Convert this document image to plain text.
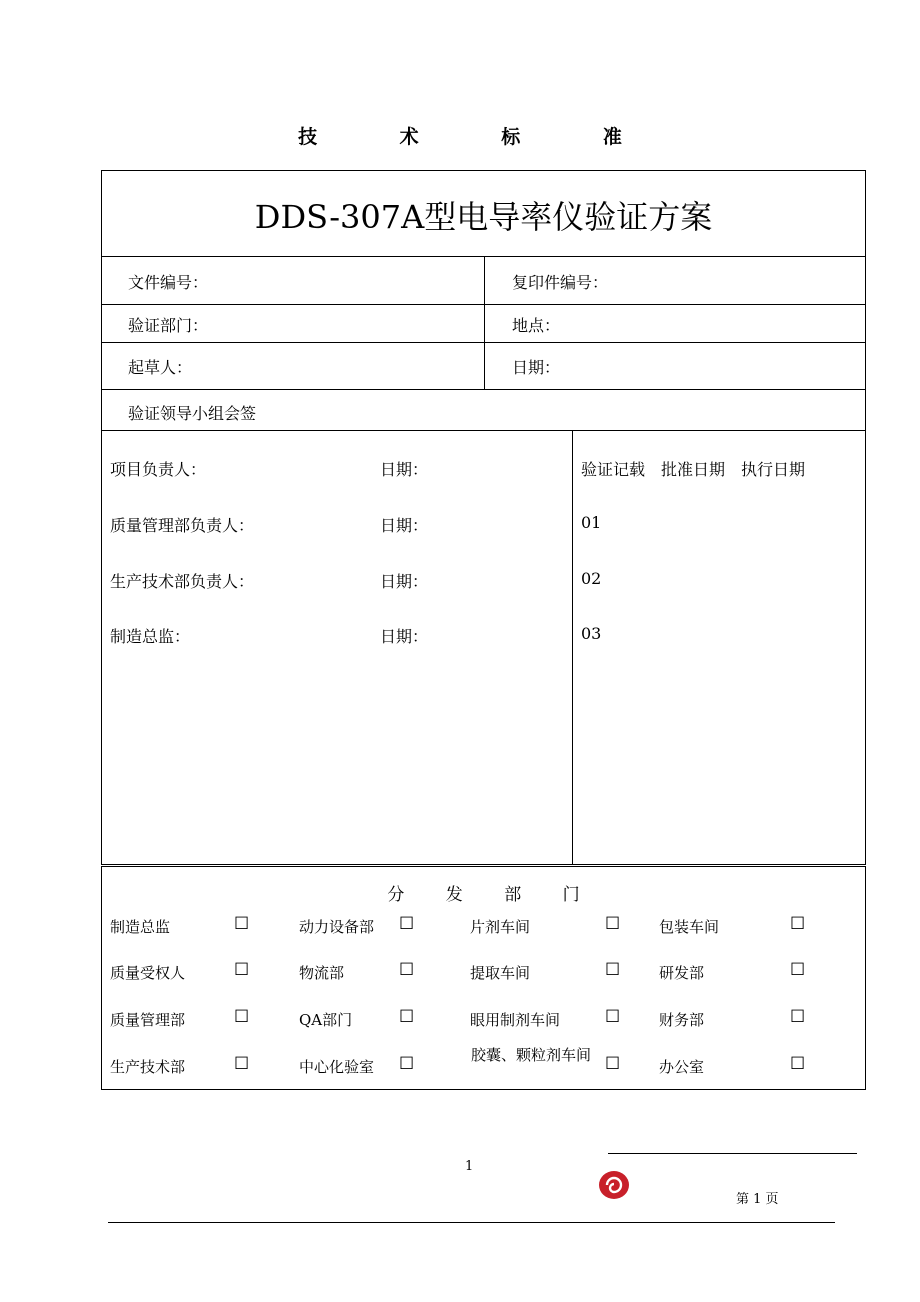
技 术 标 准
DDS-307A型电导率仪验证方案
文件编号：	复印件编号：
验证部门：	地点：
起草人：	日期：
验证领导小组会签
项目负责人：	日期：
质量管理部负责人：	日期：
生产技术部负责人：	日期：
制造总监：	日期：
验证记载　批准日期　执行日期
01
02
03
分 发 部 门
制造总监	☐	动力设备部 ☐	片剂车间	☐	包装车间	☐
质量受权人	☐	物流部	☐	提取车间	☐	研发部	☐
质量管理部	☐	QA部门	☐	眼用制剂车间	☐	财务部	☐
生产技术部	☐	中心化验室 ☐	胶囊、颗粒剂车间 ☐	办公室	☐
1
第 1 页
